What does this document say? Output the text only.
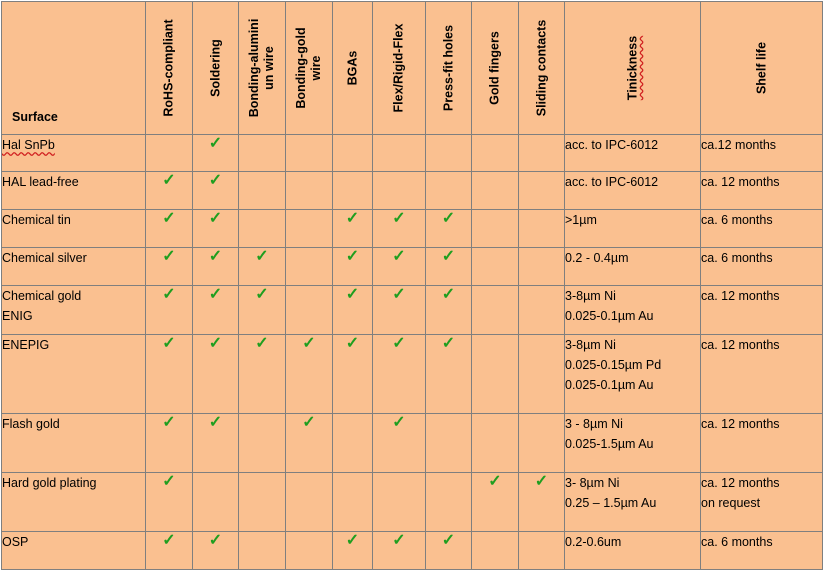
Surface	RoHS-compliant	Soldering	Bonding-alumini un wire	Bonding-gold wire	BGAs	Flex/Rigid-Flex	Press-fit holes	Gold fingers	Sliding contacts	Tinickness	Shelf life

Hal SnPb		✓								acc. to IPC-6012	ca.12 months

HAL lead-free	✓	✓								acc. to IPC-6012	ca. 12 months

Chemical tin	✓	✓			✓	✓	✓			>1µm	ca. 6 months

Chemical silver	✓	✓	✓		✓	✓	✓			0.2 - 0.4µm	ca. 6 months

Chemical gold
ENIG	✓	✓	✓		✓	✓	✓			3-8µm Ni
0.025-0.1µm Au	ca. 12 months

ENEPIG	✓	✓	✓	✓	✓	✓	✓			3-8µm Ni
0.025-0.15µm Pd
0.025-0.1µm Au	ca. 12 months

Flash gold	✓	✓		✓		✓				3 - 8µm Ni
0.025-1.5µm Au	ca. 12 months

Hard gold plating	✓							✓	✓	3- 8µm Ni
0.25 – 1.5µm Au	ca. 12 months
on request

OSP	✓	✓			✓	✓	✓			0.2-0.6um	ca. 6 months
